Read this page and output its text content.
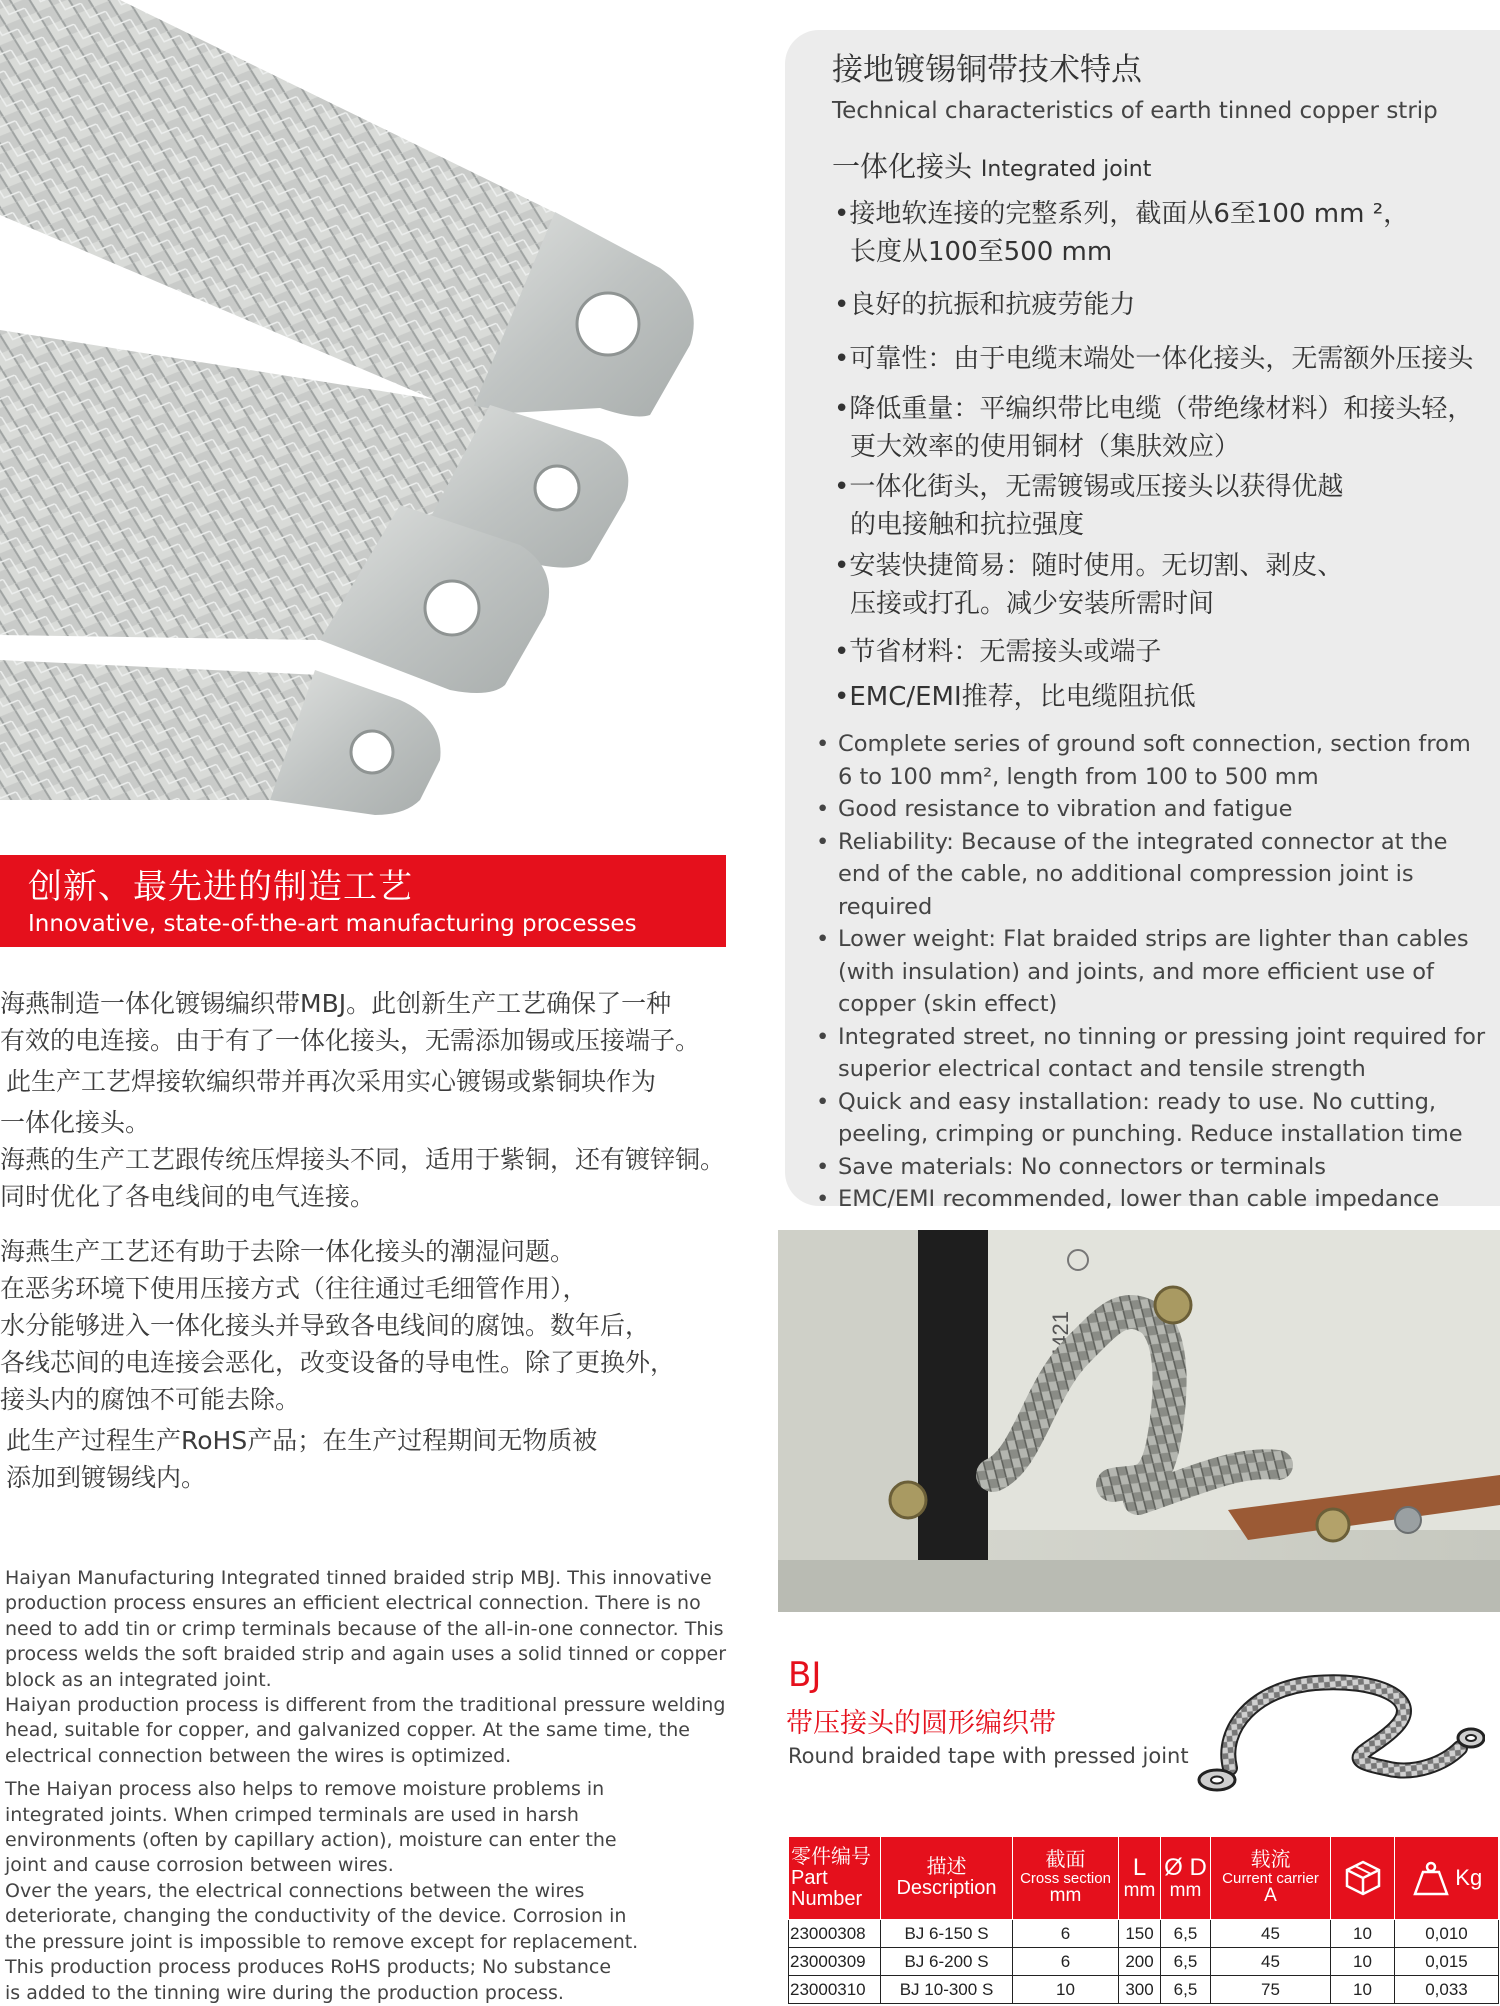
创新、最先进的制造工艺
Innovative, state-of-the-art manufacturing processes

海燕制造一体化镀锡编织带MBJ。此创新生产工艺确保了一种

有效的电连接。由于有了一体化接头，无需添加锡或压接端子。

此生产工艺焊接软编织带并再次采用实心镀锡或紫铜块作为

一体化接头。

海燕的生产工艺跟传统压焊接头不同，适用于紫铜，还有镀锌铜。

同时优化了各电线间的电气连接。

海燕生产工艺还有助于去除一体化接头的潮湿问题。

在恶劣环境下使用压接方式（往往通过毛细管作用），

水分能够进入一体化接头并导致各电线间的腐蚀。数年后，

各线芯间的电连接会恶化，改变设备的导电性。除了更换外，

接头内的腐蚀不可能去除。

此生产过程生产RoHS产品；在生产过程期间无物质被

添加到镀锡线内。

Haiyan Manufacturing Integrated tinned braided strip MBJ. This innovative
production process ensures an efficient electrical connection. There is no
need to add tin or crimp terminals because of the all-in-one connector. This
process welds the soft braided strip and again uses a solid tinned or copper
block as an integrated joint.
Haiyan production process is different from the traditional pressure welding
head, suitable for copper, and galvanized copper. At the same time, the
electrical connection between the wires is optimized.
The Haiyan process also helps to remove moisture problems in
integrated joints. When crimped terminals are used in harsh
environments (often by capillary action), moisture can enter the
joint and cause corrosion between wires.
Over the years, the electrical connections between the wires
deteriorate, changing the conductivity of the device. Corrosion in
the pressure joint is impossible to remove except for replacement.
This production process produces RoHS products; No substance
is added to the tinning wire during the production process.
接地镀锡铜带技术特点
Technical characteristics of earth tinned copper strip
一体化接头 Integrated joint
•接地软连接的完整系列，截面从6至100 mm ²，
长度从100至500 mm
•良好的抗振和抗疲劳能力
•可靠性：由于电缆末端处一体化接头，无需额外压接头
•降低重量：平编织带比电缆（带绝缘材料）和接头轻，
更大效率的使用铜材（集肤效应）
•一体化街头，无需镀锡或压接头以获得优越
的电接触和抗拉强度
•安装快捷简易：随时使用。无切割、剥皮、
压接或打孔。减少安装所需时间
•节省材料：无需接头或端子
•EMC/EMI推荐，比电缆阻抗低
• Complete series of ground soft connection, section from 6 to 100 mm², length from 100 to 500 mm
• Good resistance to vibration and fatigue
• Reliability: Because of the integrated connector at the end of the cable, no additional compression joint is required
• Lower weight: Flat braided strips are lighter than cables (with insulation) and joints, and more efficient use of copper (skin effect)
• Integrated street, no tinning or pressing joint required for superior electrical contact and tensile strength
• Quick and easy installation: ready to use. No cutting, peeling, crimping or punching. Reduce installation time
• Save materials: No connectors or terminals
• EMC/EMI recommended, lower than cable impedance
4421
BJ
带压接头的圆形编织带
Round braided tape with pressed joint
零件编号
Part
Number	描述
Description	截面
Cross section
mm	L
mm	Ø D
mm	载流
Current carrier
A		Kg
23000308	BJ 6-150 S	6	150	6,5	45	10	0,010
23000309	BJ 6-200 S	6	200	6,5	45	10	0,015
23000310	BJ 10-300 S	10	300	6,5	75	10	0,033
